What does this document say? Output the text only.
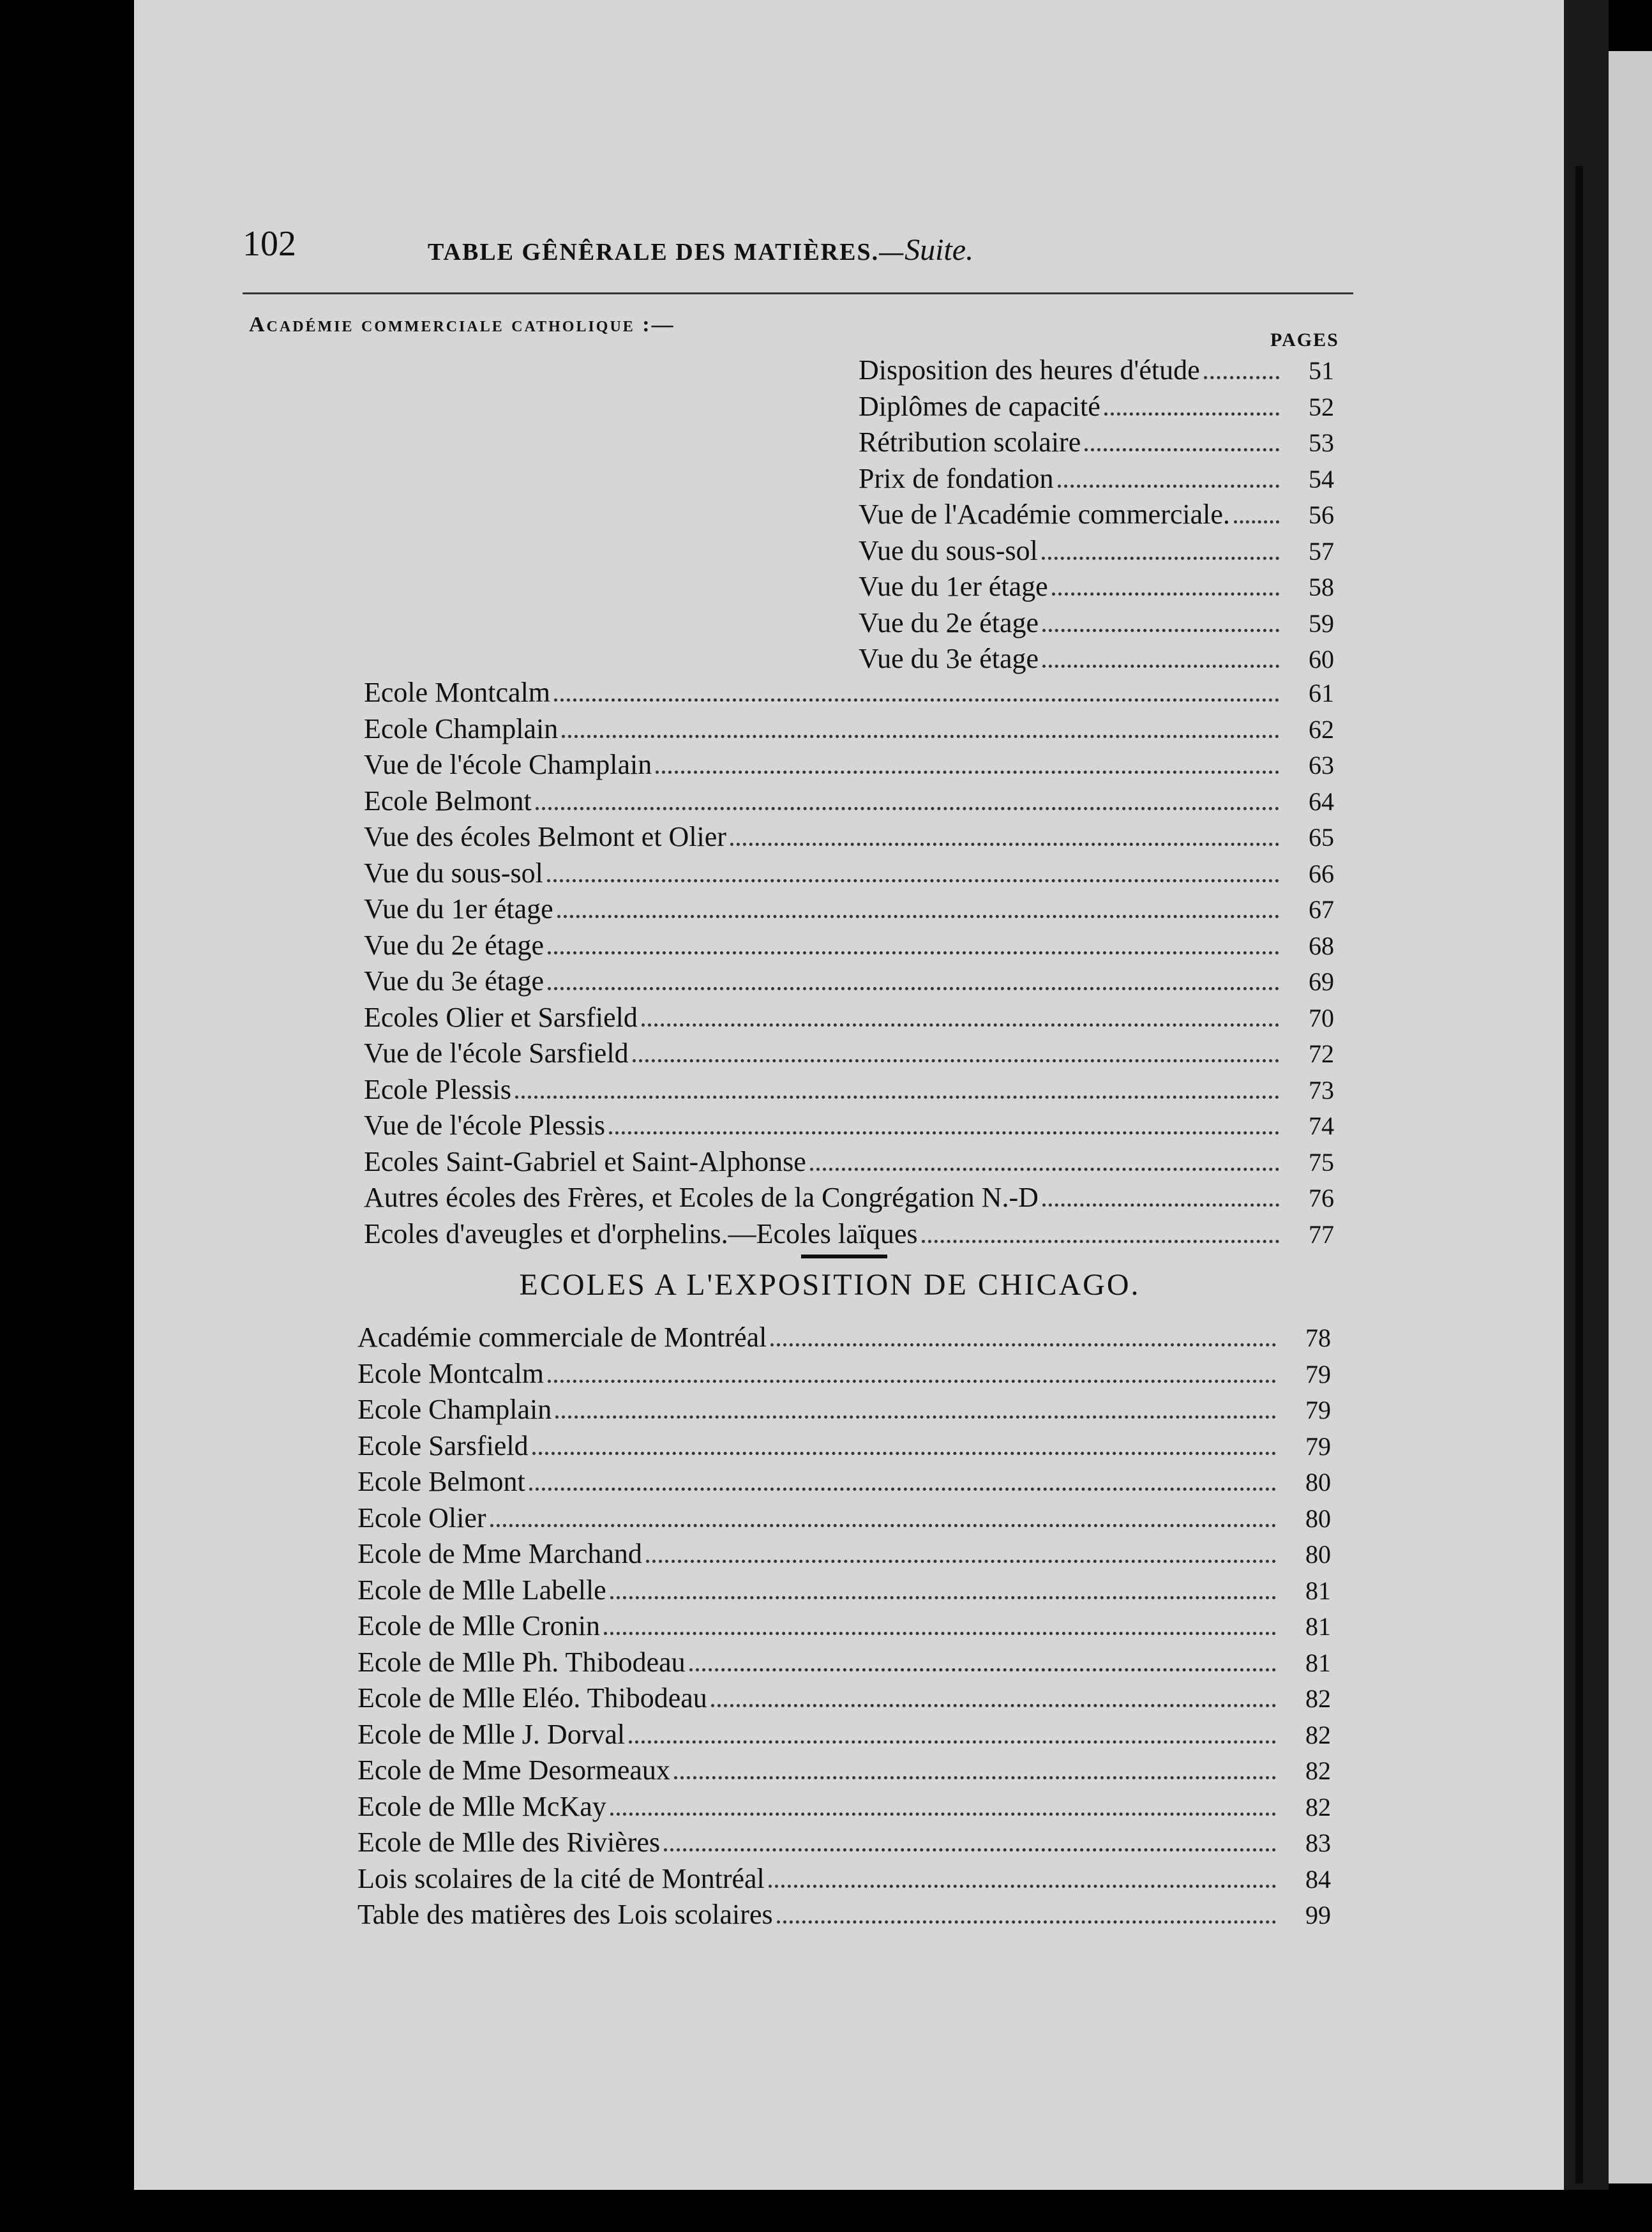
102	TABLE GÊNÊRALE DES MATIÈRES.—Suite.
Académie commerciale catholique :—
PAGES
Disposition des heures d'étude	51
Diplômes de capacité	52
Rétribution scolaire	53
Prix de fondation	54
Vue de l'Académie commerciale.	56
Vue du sous-sol	57
Vue du 1er étage	58
Vue du 2e étage	59
Vue du 3e étage	60
Ecole Montcalm	61
Ecole Champlain	62
Vue de l'école Champlain	63
Ecole Belmont	64
Vue des écoles Belmont et Olier	65
Vue du sous-sol	66
Vue du 1er étage	67
Vue du 2e étage	68
Vue du 3e étage	69
Ecoles Olier et Sarsfield	70
Vue de l'école Sarsfield	72
Ecole Plessis	73
Vue de l'école Plessis	74
Ecoles Saint-Gabriel et Saint-Alphonse	75
Autres écoles des Frères, et Ecoles de la Congrégation N.-D	76
Ecoles d'aveugles et d'orphelins.—Ecoles laïques	77
ECOLES A L'EXPOSITION DE CHICAGO.
Académie commerciale de Montréal	78
Ecole Montcalm	79
Ecole Champlain	79
Ecole Sarsfield	79
Ecole Belmont	80
Ecole Olier	80
Ecole de Mme Marchand	80
Ecole de Mlle Labelle	81
Ecole de Mlle Cronin	81
Ecole de Mlle Ph. Thibodeau	81
Ecole de Mlle Eléo. Thibodeau	82
Ecole de Mlle J. Dorval	82
Ecole de Mme Desormeaux	82
Ecole de Mlle McKay	82
Ecole de Mlle des Rivières	83
Lois scolaires de la cité de Montréal	84
Table des matières des Lois scolaires	99
